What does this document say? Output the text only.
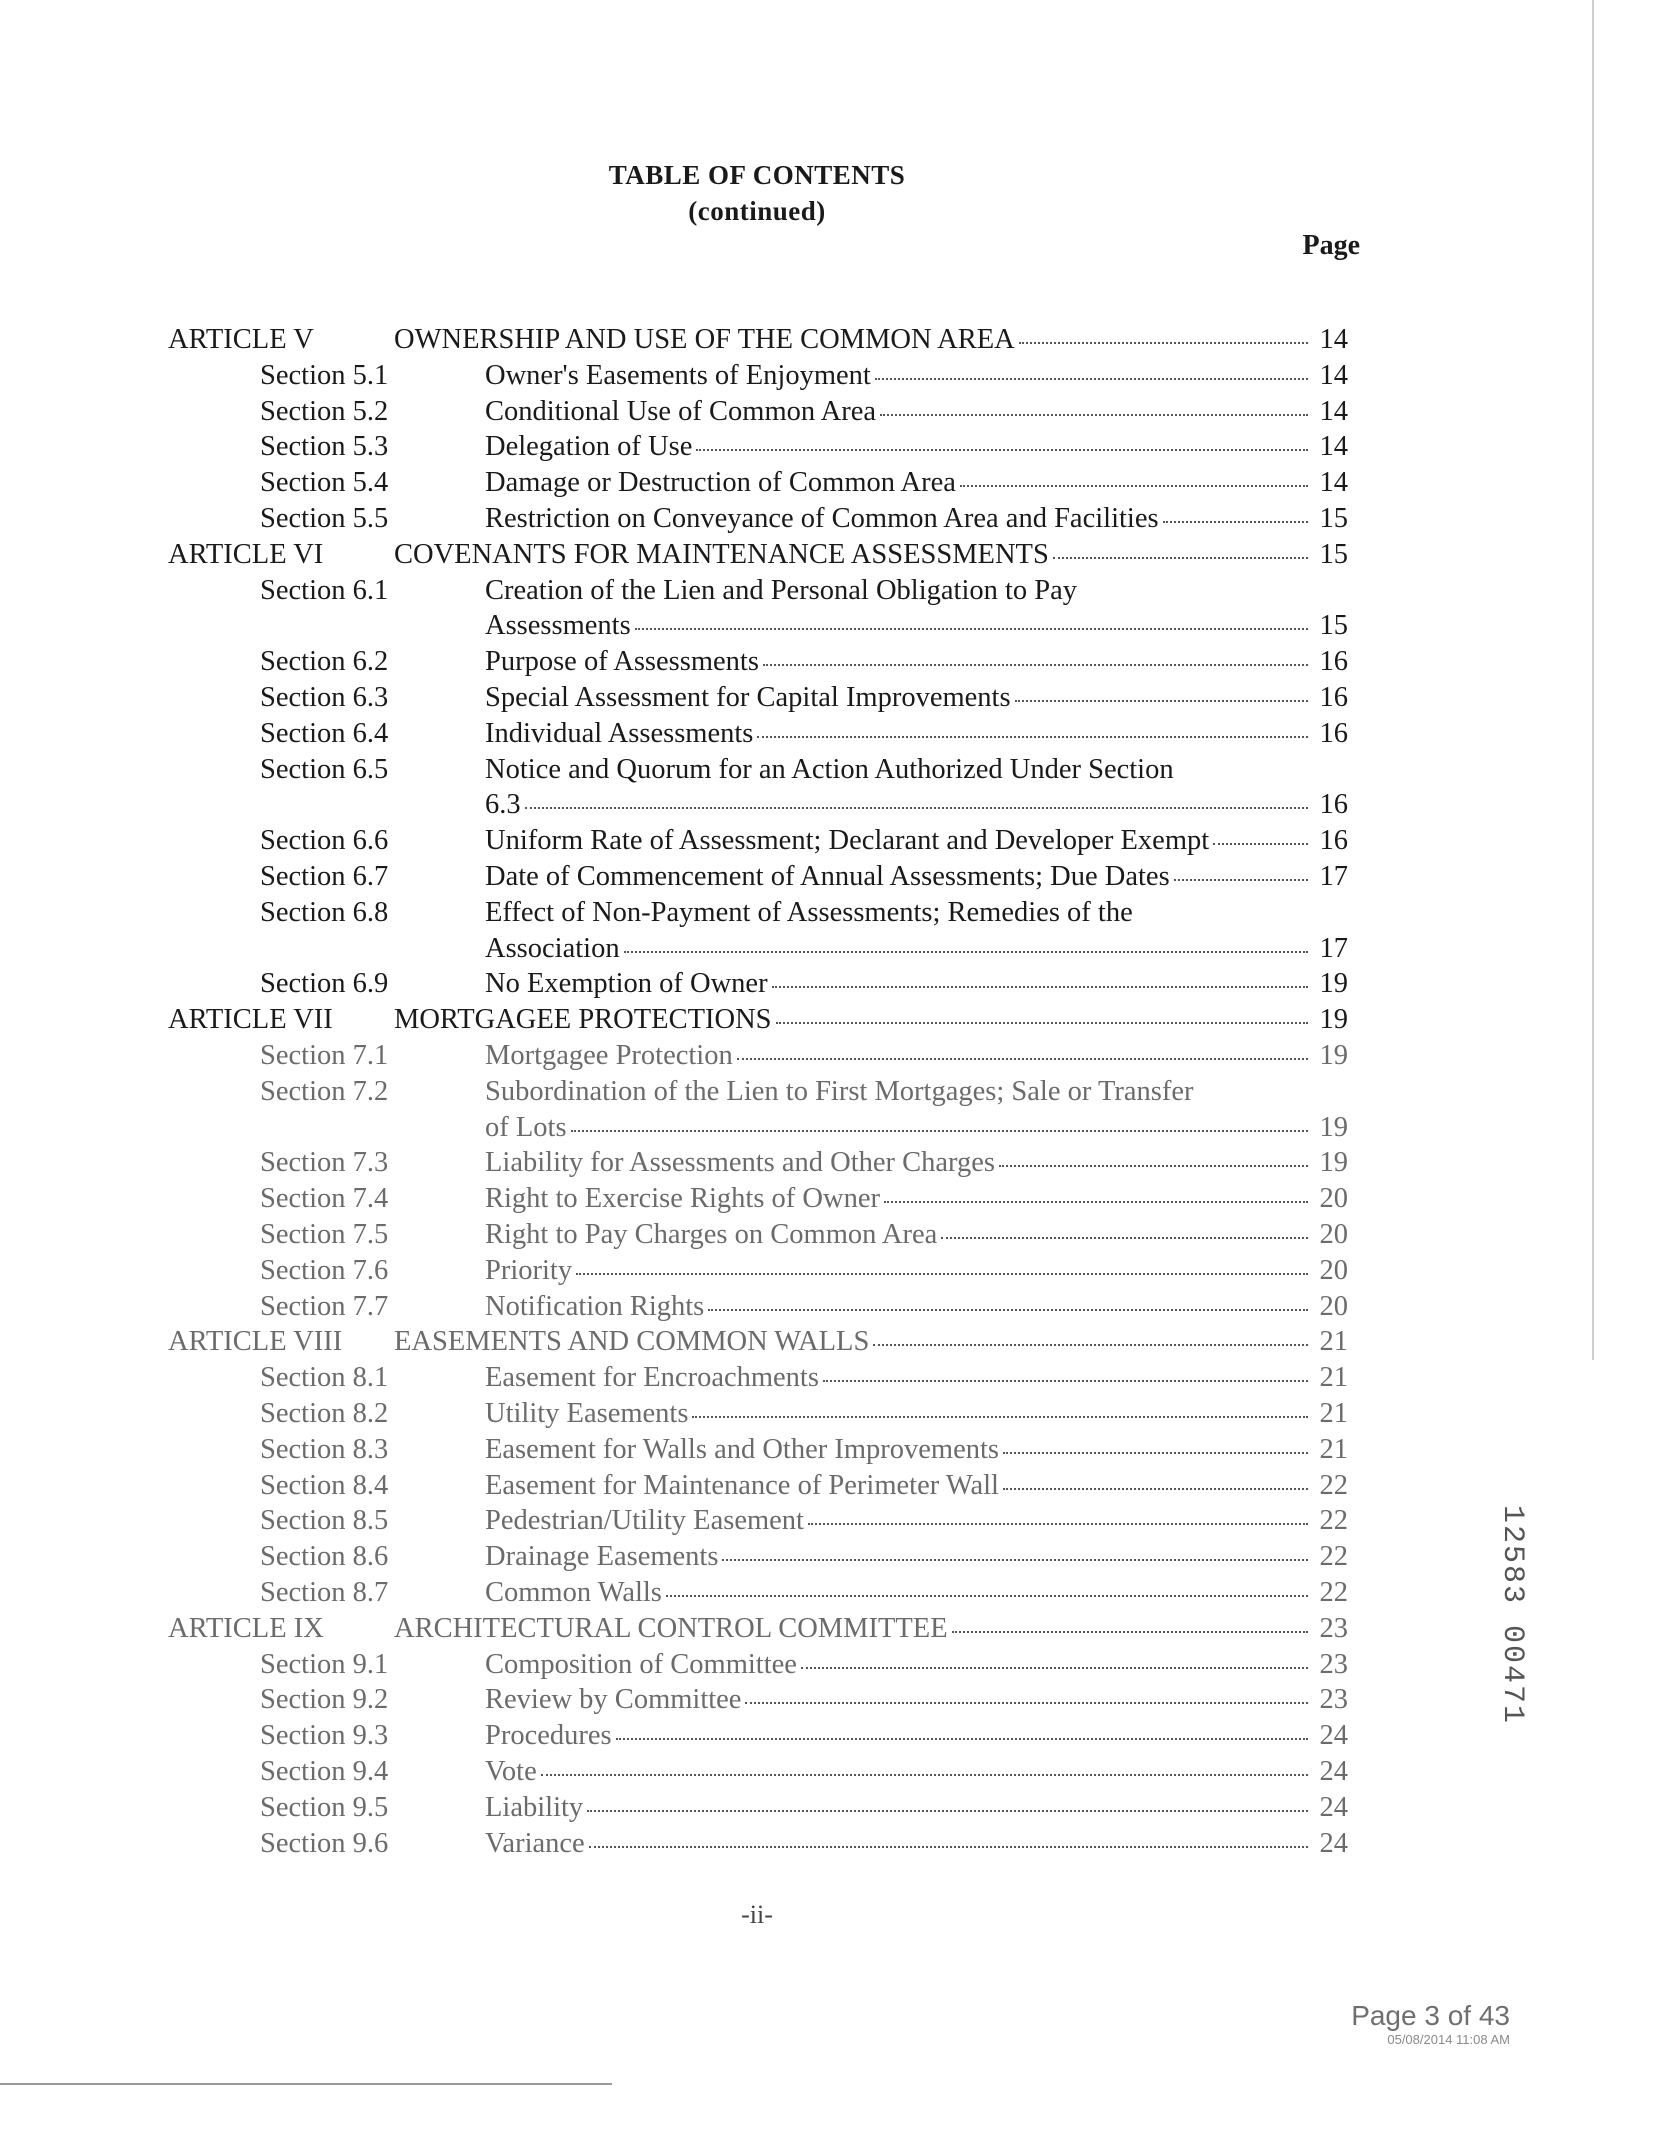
TABLE OF CONTENTS
(continued)
Page
ARTICLE V	OWNERSHIP AND USE OF THE COMMON AREA	14
Section 5.1	Owner's Easements of Enjoyment	14
Section 5.2	Conditional Use of Common Area	14
Section 5.3	Delegation of Use	14
Section 5.4	Damage or Destruction of Common Area	14
Section 5.5	Restriction on Conveyance of Common Area and Facilities	15
ARTICLE VI COVENANTS FOR MAINTENANCE ASSESSMENTS	15
Section 6.1	Creation of the Lien and Personal Obligation to Pay
Assessments	15
Section 6.2	Purpose of Assessments	16
Section 6.3	Special Assessment for Capital Improvements	16
Section 6.4	Individual Assessments	16
Section 6.5	Notice and Quorum for an Action Authorized Under Section
6.3	16
Section 6.6	Uniform Rate of Assessment; Declarant and Developer Exempt	16
Section 6.7	Date of Commencement of Annual Assessments; Due Dates	17
Section 6.8	Effect of Non-Payment of Assessments; Remedies of the
Association	17
Section 6.9	No Exemption of Owner	19
ARTICLE VII MORTGAGEE PROTECTIONS	19
Section 7.1	Mortgagee Protection	19
Section 7.2	Subordination of the Lien to First Mortgages; Sale or Transfer
of Lots	19
Section 7.3	Liability for Assessments and Other Charges	19
Section 7.4	Right to Exercise Rights of Owner	20
Section 7.5	Right to Pay Charges on Common Area	20
Section 7.6	Priority	20
Section 7.7	Notification Rights	20
ARTICLE VIII EASEMENTS AND COMMON WALLS	21
Section 8.1	Easement for Encroachments	21
Section 8.2	Utility Easements	21
Section 8.3	Easement for Walls and Other Improvements	21
Section 8.4	Easement for Maintenance of Perimeter Wall	22
Section 8.5	Pedestrian/Utility Easement	22
Section 8.6	Drainage Easements	22
Section 8.7	Common Walls	22
ARTICLE IX ARCHITECTURAL CONTROL COMMITTEE	23
Section 9.1	Composition of Committee	23
Section 9.2	Review by Committee	23
Section 9.3	Procedures	24
Section 9.4	Vote	24
Section 9.5	Liability	24
Section 9.6	Variance	24
-ii-
12583 00471
Page 3 of 43
05/08/2014 11:08 AM
